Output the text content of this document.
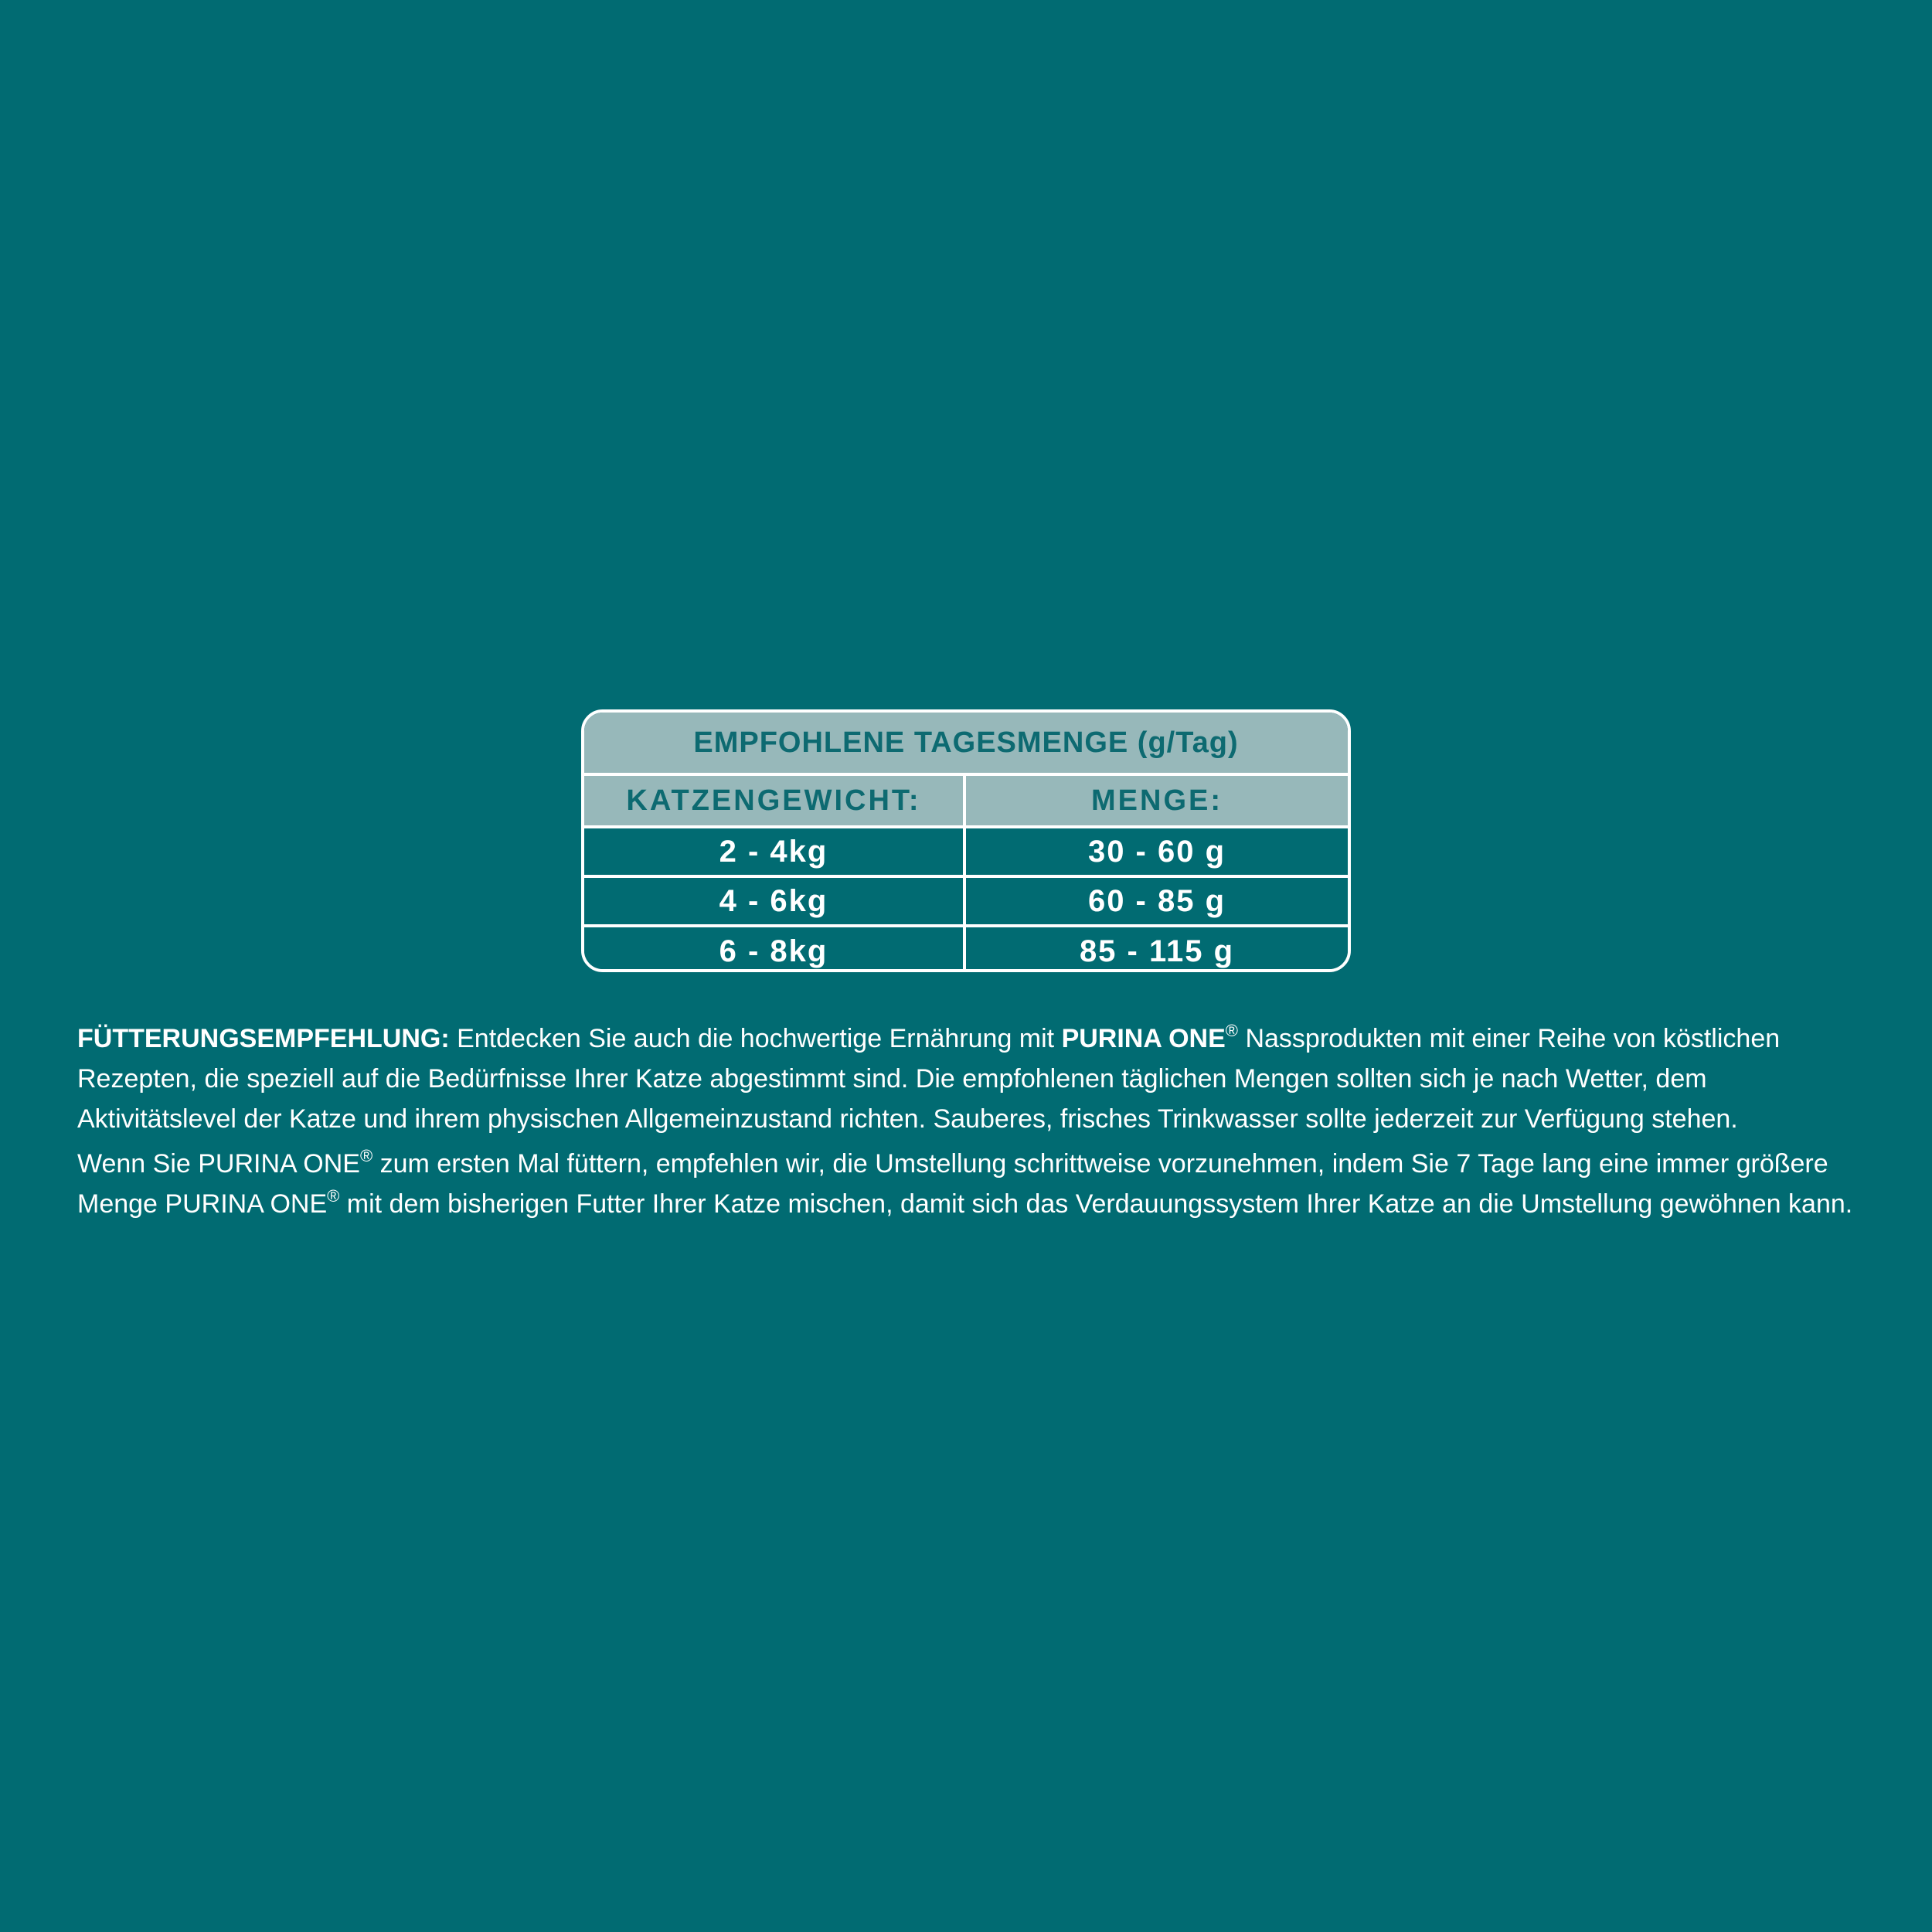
EMPFOHLENE TAGESMENGE (g/Tag)
KATZENGEWICHT:	MENGE:
2 - 4kg	30 - 60 g
4 - 6kg	60 - 85 g
6 - 8kg	85 - 115 g

FÜTTERUNGSEMPFEHLUNG: Entdecken Sie auch die hochwertige Ernährung mit PURINA ONE® Nassprodukten mit einer Reihe von köstlichen Rezepten, die speziell auf die Bedürfnisse Ihrer Katze abgestimmt sind. Die empfohlenen täglichen Mengen sollten sich je nach Wetter, dem Aktivitätslevel der Katze und ihrem physischen Allgemeinzustand richten. Sauberes, frisches Trinkwasser sollte jederzeit zur Verfügung stehen.

Wenn Sie PURINA ONE® zum ersten Mal füttern, empfehlen wir, die Umstellung schrittweise vorzunehmen, indem Sie 7 Tage lang eine immer größere Menge PURINA ONE® mit dem bisherigen Futter Ihrer Katze mischen, damit sich das Verdauungssystem Ihrer Katze an die Umstellung gewöhnen kann.
